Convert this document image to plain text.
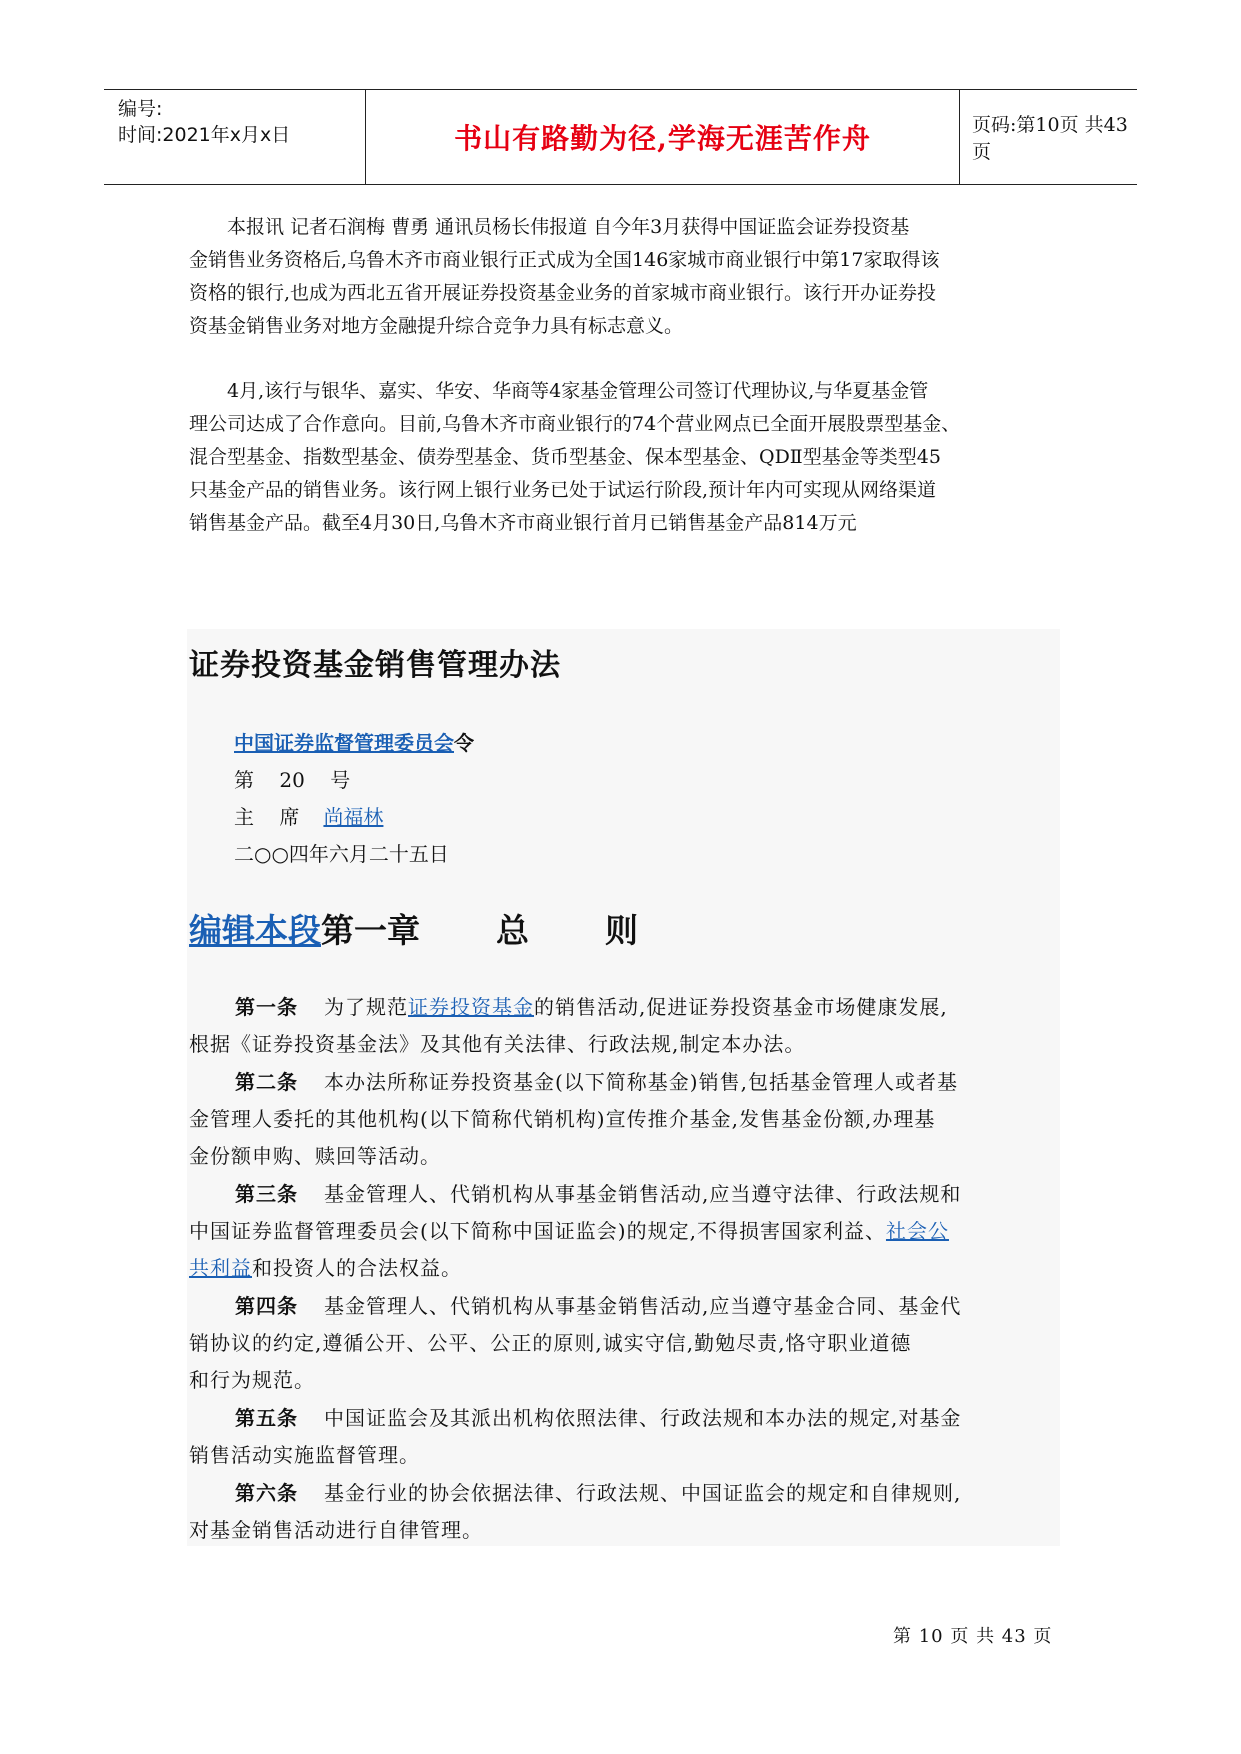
编号:
时间:2021年x月x日	书山有路勤为径,学海无涯苦作舟	页码:第10页 共43页
本报讯 记者石润梅 曹勇 通讯员杨长伟报道 自今年3月获得中国证监会证券投资基
金销售业务资格后,乌鲁木齐市商业银行正式成为全国146家城市商业银行中第17家取得该
资格的银行,也成为西北五省开展证券投资基金业务的首家城市商业银行。该行开办证券投
资基金销售业务对地方金融提升综合竞争力具有标志意义。
4月,该行与银华、嘉实、华安、华商等4家基金管理公司签订代理协议,与华夏基金管
理公司达成了合作意向。目前,乌鲁木齐市商业银行的74个营业网点已全面开展股票型基金、
混合型基金、指数型基金、债券型基金、货币型基金、保本型基金、QDⅡ型基金等类型45
只基金产品的销售业务。该行网上银行业务已处于试运行阶段,预计年内可实现从网络渠道
销售基金产品。截至4月30日,乌鲁木齐市商业银行首月已销售基金产品814万元
证券投资基金销售管理办法
中国证券监督管理委员会令
第    20    号
主    席 尚福林
二○○四年六月二十五日
编辑本段第一章 总 则
第一条 为了规范证券投资基金的销售活动,促进证券投资基金市场健康发展,
根据《证券投资基金法》及其他有关法律、行政法规,制定本办法。
第二条 本办法所称证券投资基金(以下简称基金)销售,包括基金管理人或者基
金管理人委托的其他机构(以下简称代销机构)宣传推介基金,发售基金份额,办理基
金份额申购、赎回等活动。
第三条 基金管理人、代销机构从事基金销售活动,应当遵守法律、行政法规和
中国证券监督管理委员会(以下简称中国证监会)的规定,不得损害国家利益、社会公
共利益和投资人的合法权益。
第四条 基金管理人、代销机构从事基金销售活动,应当遵守基金合同、基金代
销协议的约定,遵循公开、公平、公正的原则,诚实守信,勤勉尽责,恪守职业道德
和行为规范。
第五条 中国证监会及其派出机构依照法律、行政法规和本办法的规定,对基金
销售活动实施监督管理。
第六条 基金行业的协会依据法律、行政法规、中国证监会的规定和自律规则,
对基金销售活动进行自律管理。
第 10 页 共 43 页
